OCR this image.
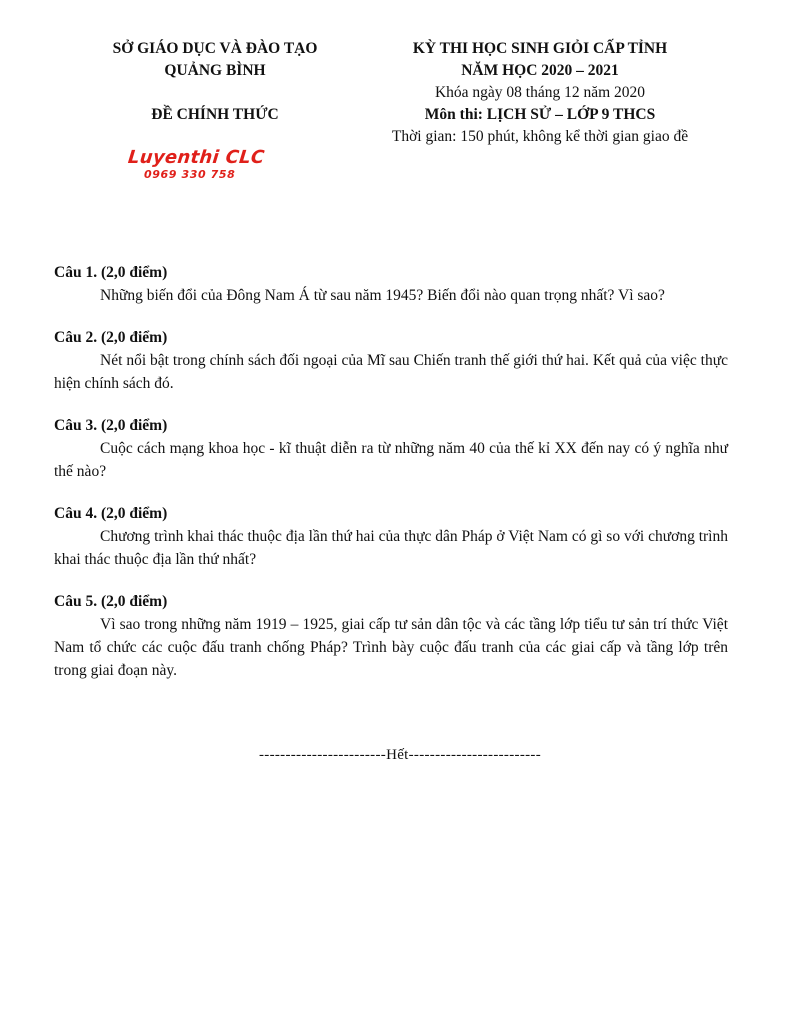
SỞ GIÁO DỤC VÀ ĐÀO TẠO
QUẢNG BÌNH
ĐỀ CHÍNH THỨC
KỲ THI HỌC SINH GIỎI CẤP TỈNH
NĂM HỌC 2020 – 2021
Khóa ngày 08 tháng 12 năm 2020
Môn thi: LỊCH SỬ – LỚP 9 THCS
Thời gian: 150 phút, không kể thời gian giao đề
Luyenthi CLC
0969 330 758
Câu 1. (2,0 điểm)
Những biến đổi của Đông Nam Á từ sau năm 1945? Biến đổi nào quan trọng nhất? Vì sao?
Câu 2. (2,0 điểm)
Nét nổi bật trong chính sách đối ngoại của Mĩ sau Chiến tranh thế giới thứ hai. Kết quả của việc thực hiện chính sách đó.
Câu 3. (2,0 điểm)
Cuộc cách mạng khoa học - kĩ thuật diễn ra từ những năm 40 của thế kỉ XX đến nay có ý nghĩa như thế nào?
Câu 4. (2,0 điểm)
Chương trình khai thác thuộc địa lần thứ hai của thực dân Pháp ở Việt Nam có gì so với chương trình khai thác thuộc địa lần thứ nhất?
Câu 5. (2,0 điểm)
Vì sao trong những năm 1919 – 1925, giai cấp tư sản dân tộc và các tầng lớp tiểu tư sản trí thức Việt Nam tổ chức các cuộc đấu tranh chống Pháp? Trình bày cuộc đấu tranh của các giai cấp và tầng lớp trên trong giai đoạn này.
------------------------Hết-------------------------
